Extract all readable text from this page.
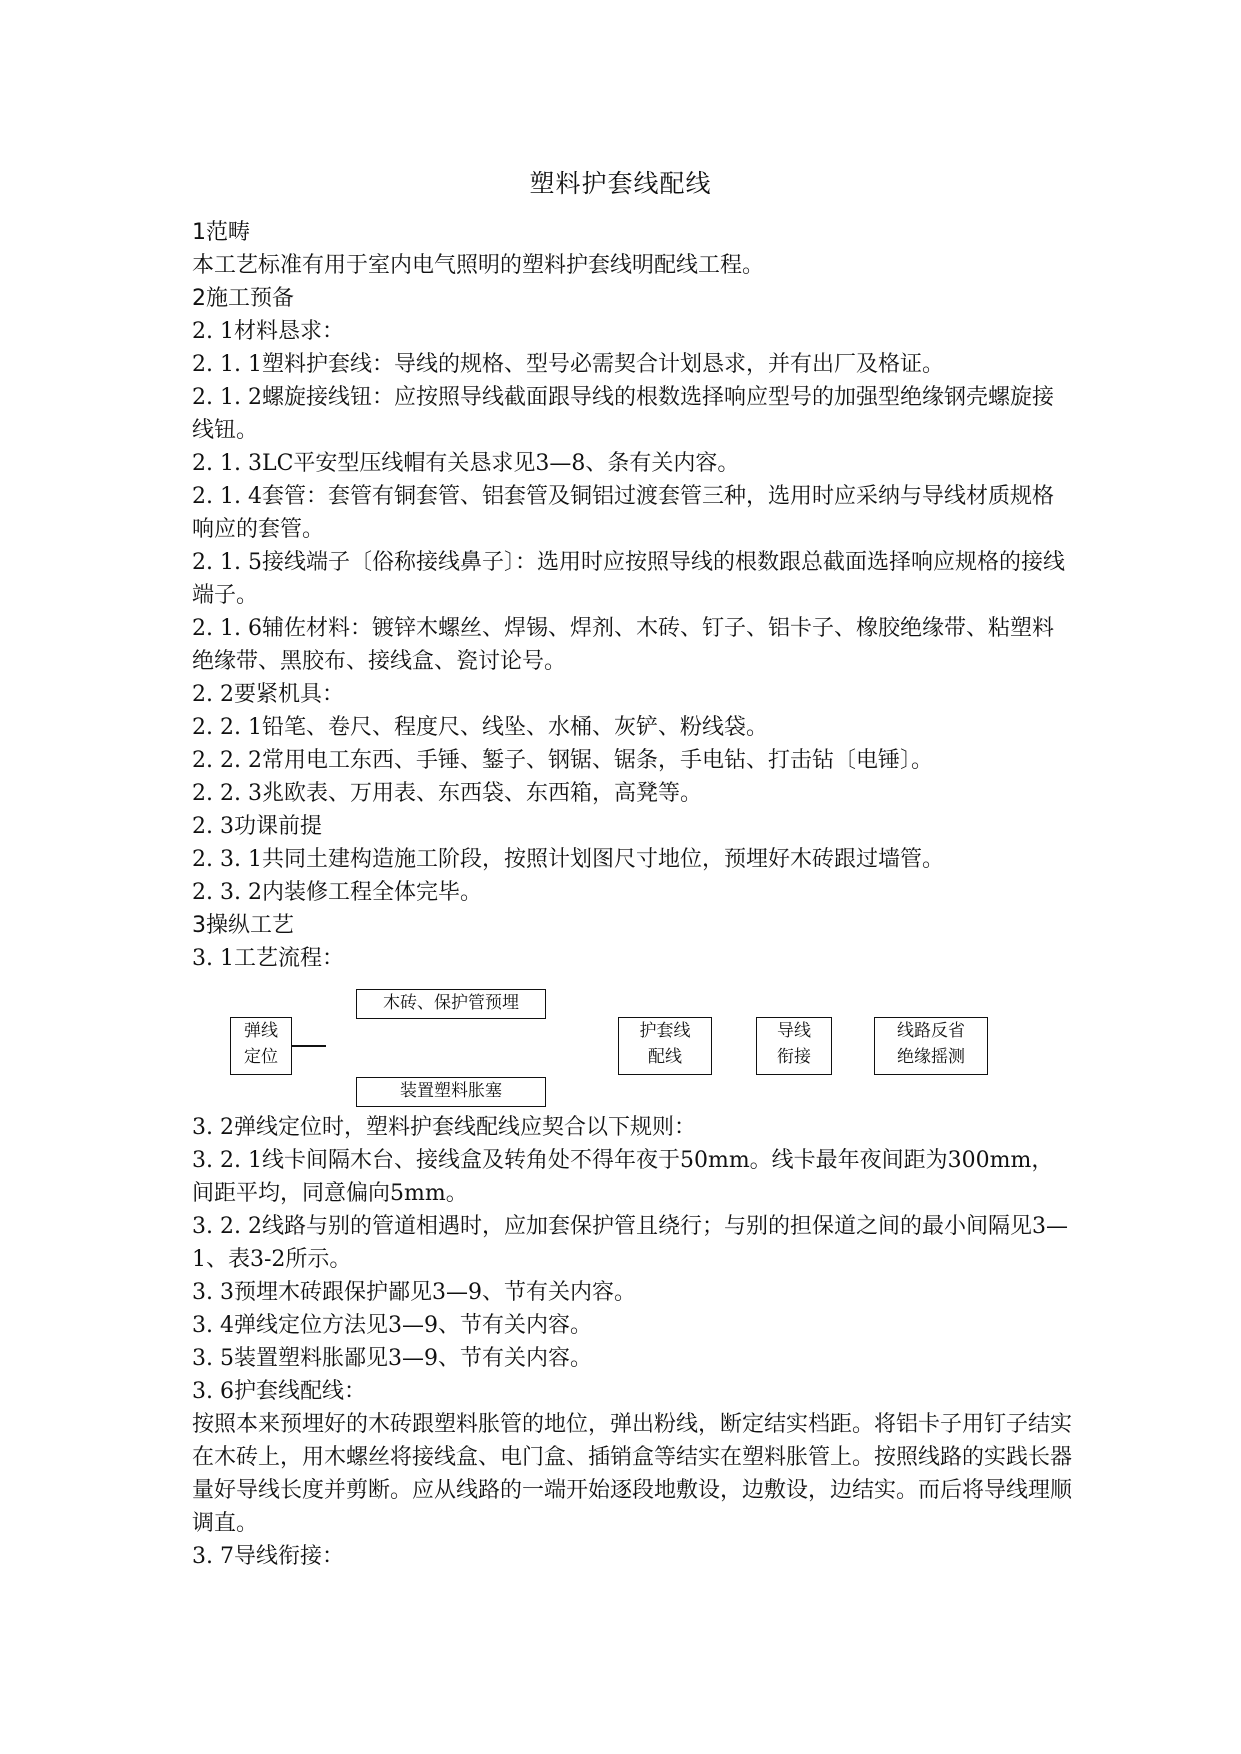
塑料护套线配线

1范畴

本工艺标准有用于室内电气照明的塑料护套线明配线工程。

2施工预备

2. 1材料恳求：

2. 1. 1塑料护套线：导线的规格、型号必需契合计划恳求，并有出厂及格证。

2. 1. 2螺旋接线钮：应按照导线截面跟导线的根数选择响应型号的加强型绝缘钢壳螺旋接线钮。

2. 1. 3LC平安型压线帽有关恳求见3—8、条有关内容。

2. 1. 4套管：套管有铜套管、铝套管及铜铝过渡套管三种，选用时应采纳与导线材质规格响应的套管。

2. 1. 5接线端子〔俗称接线鼻子〕：选用时应按照导线的根数跟总截面选择响应规格的接线端子。

2. 1. 6辅佐材料：镀锌木螺丝、焊锡、焊剂、木砖、钉子、铝卡子、橡胶绝缘带、粘塑料绝缘带、黑胶布、接线盒、瓷讨论号。

2. 2要紧机具：

2. 2. 1铅笔、卷尺、程度尺、线坠、水桶、灰铲、粉线袋。

2. 2. 2常用电工东西、手锤、錾子、钢锯、锯条，手电钻、打击钻〔电锤〕。

2. 2. 3兆欧表、万用表、东西袋、东西箱，高凳等。

2. 3功课前提

2. 3. 1共同土建构造施工阶段，按照计划图尺寸地位，预埋好木砖跟过墙管。

2. 3. 2内装修工程全体完毕。

3操纵工艺

3. 1工艺流程：

弹线
定位
木砖、保护管预埋
装置塑料胀塞
护套线
配线
导线
衔接
线路反省
绝缘摇测

3. 2弹线定位时，塑料护套线配线应契合以下规则：

3. 2. 1线卡间隔木台、接线盒及转角处不得年夜于50mm。线卡最年夜间距为300mm，间距平均，同意偏向5mm。

3. 2. 2线路与别的管道相遇时，应加套保护管且绕行；与别的担保道之间的最小间隔见3—1、表3-2所示。

3. 3预埋木砖跟保护鄙见3—9、节有关内容。

3. 4弹线定位方法见3—9、节有关内容。

3. 5装置塑料胀鄙见3—9、节有关内容。

3. 6护套线配线：

按照本来预埋好的木砖跟塑料胀管的地位，弹出粉线，断定结实档距。将铝卡子用钉子结实在木砖上，用木螺丝将接线盒、电门盒、插销盒等结实在塑料胀管上。按照线路的实践长器量好导线长度并剪断。应从线路的一端开始逐段地敷设，边敷设，边结实。而后将导线理顺调直。

3. 7导线衔接：
